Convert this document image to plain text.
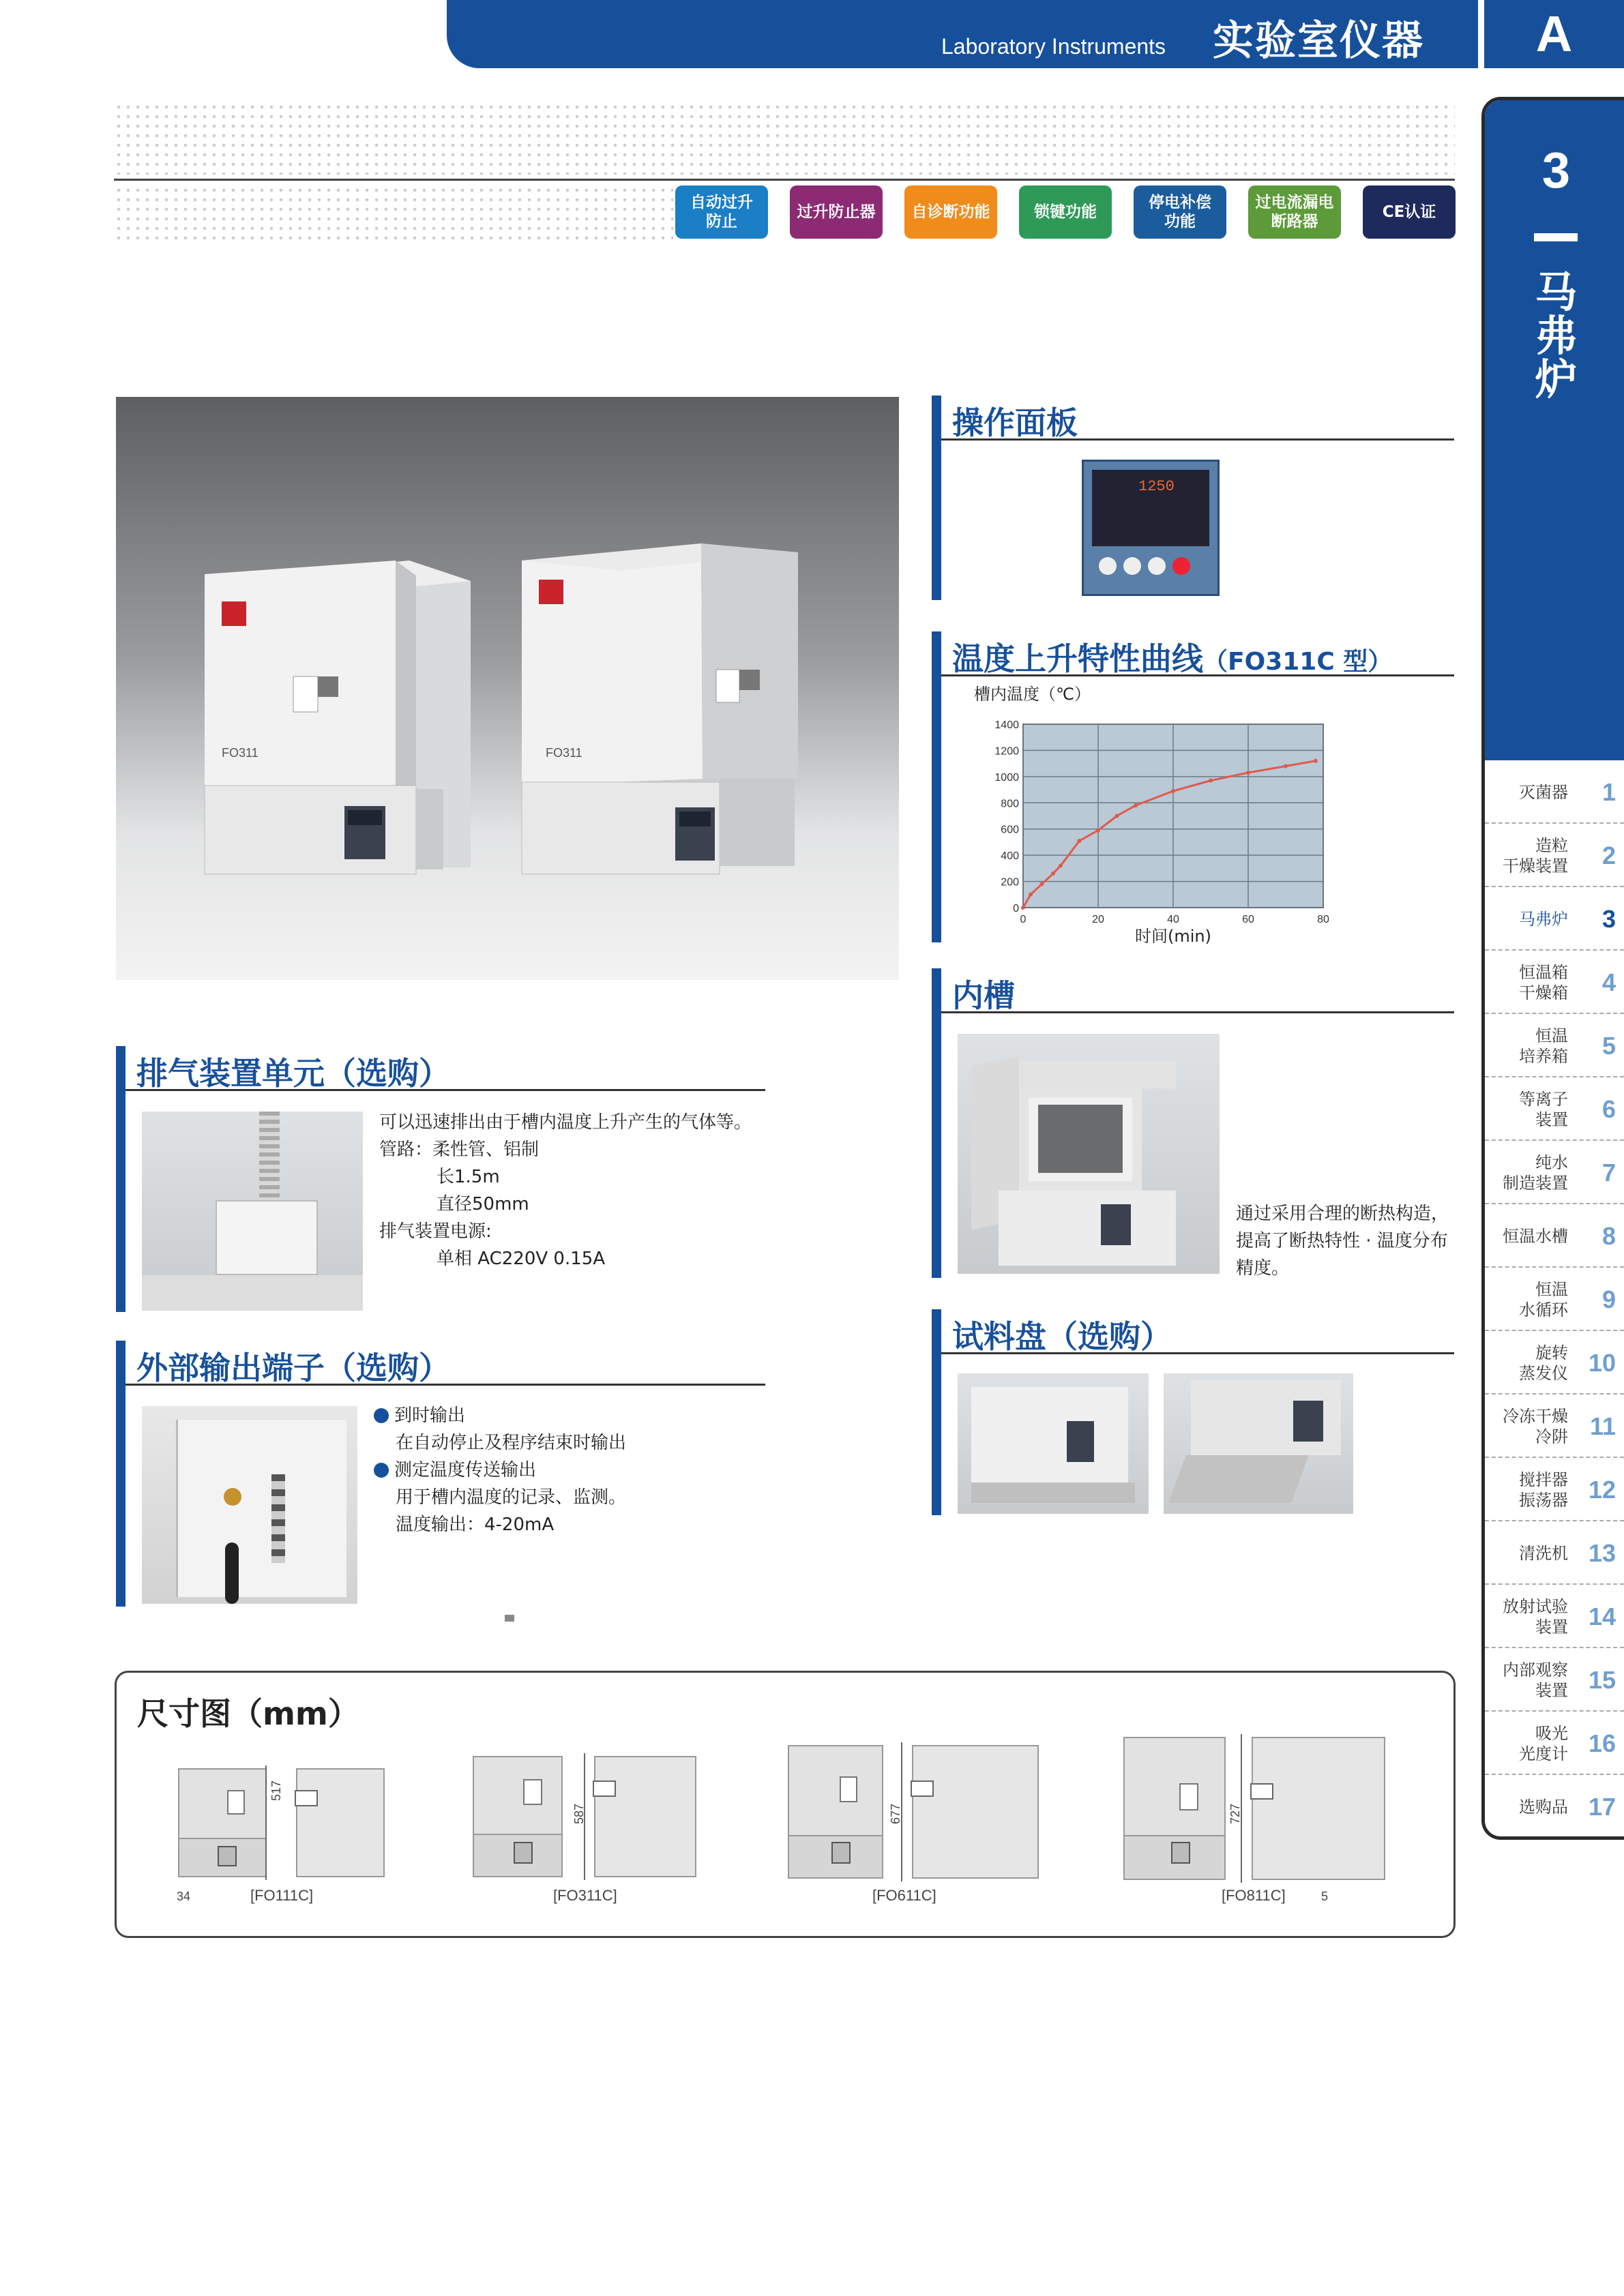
Laboratory Instruments 实验室仪器	A
3
马
弗
炉
灭菌器 1
造粒
干燥装置 2
马弗炉 3
恒温箱
干燥箱 4
恒温
培养箱 5
等离子
装置 6
纯水
制造装置 7
恒温水槽 8
恒温
水循环 9
旋转
蒸发仪 10
冷冻干燥
冷阱 11
搅拌器
振荡器 12
清洗机 13
放射试验
装置 14
内部观察
装置 15
吸光
光度计 16
选购品 17
自动过升
防止
过升防止器	自诊断功能	锁键功能
停电补偿
功能
过电流漏电
断路器
CE认证
FO311	FO311
操作面板
1250
温度上升特性曲线（FO311C 型）
1400
1200
1000
800
600
400
200
0
0	20	40	60	80
槽内温度（℃）
时间(min)
内槽
通过采用合理的断热构造，
提高了断热特性 · 温度分布
精度。
试料盘（选购）
排气装置单元（选购）
可以迅速排出由于槽内温度上升产生的气体等。
管路：柔性管、铝制
长1.5m
直径50mm
排气装置电源:
单相 AC220V 0.15A
外部输出端子（选购）
到时输出
在自动停止及程序结束时输出
测定温度传送输出
用于槽内温度的记录、监测。
温度输出：4-20mA
尺寸图（mm）
517
34	[FO111C]
587
[FO311C]
677
[FO611C]
727
[FO811C]	5
